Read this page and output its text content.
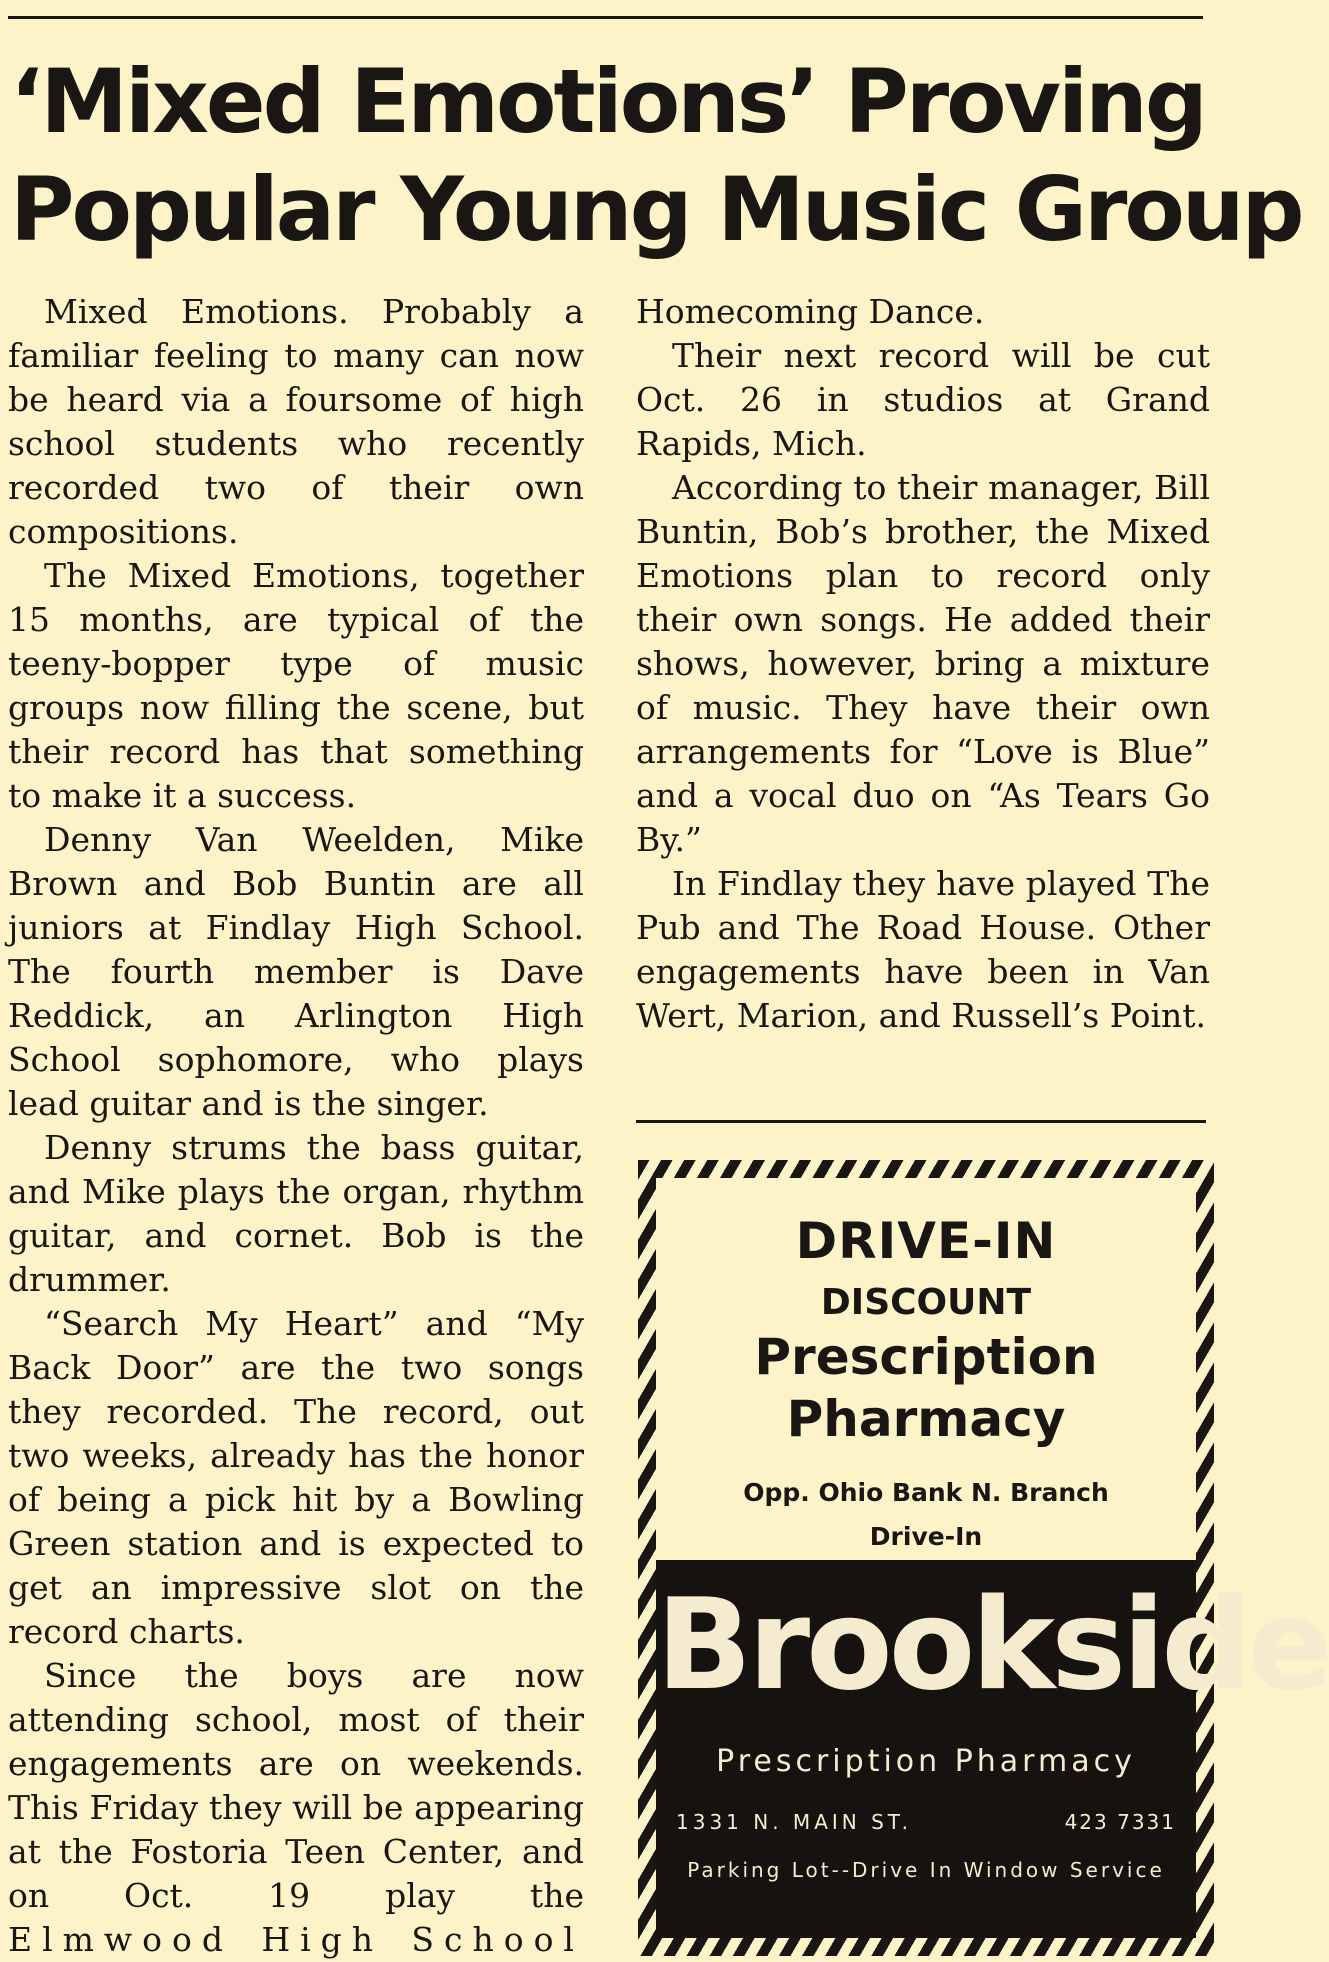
‘Mixed Emotions’ Proving
Popular Young Music Group

Mixed Emotions. Probably a familiar feeling to many can now be heard via a foursome of high school students who recently recorded two of their own compositions.

The Mixed Emotions, together 15 months, are typical of the teeny-bopper type of music groups now filling the scene, but their record has that something to make it a success.

Denny Van Weelden, Mike Brown and Bob Buntin are all juniors at Findlay High School. The fourth member is Dave Reddick, an Arlington High School sophomore, who plays lead guitar and is the singer.

Denny strums the bass guitar, and Mike plays the organ, rhythm guitar, and cornet. Bob is the drummer.

“Search My Heart” and “My Back Door” are the two songs they recorded. The record, out two weeks, already has the honor of being a pick hit by a Bowling Green station and is expected to get an impressive slot on the record charts.

Since the boys are now attending school, most of their engagements are on weekends. This Friday they will be appearing at the Fostoria Teen Center, and on Oct. 19 play the

Elmwood High School

Homecoming Dance.

Their next record will be cut Oct. 26 in studios at Grand Rapids, Mich.

According to their manager, Bill Buntin, Bob’s brother, the Mixed Emotions plan to record only their own songs. He added their shows, however, bring a mixture of music. They have their own arrangements for “Love is Blue” and a vocal duo on “As Tears Go By.”

In Findlay they have played The Pub and The Road House. Other engagements have been in Van Wert, Marion, and Russell’s Point.

DRIVE-IN
DISCOUNT
Prescription
Pharmacy
Opp. Ohio Bank N. Branch
Drive-In
Brookside
Prescription Pharmacy
1331 N. MAIN ST.	423 7331
Parking Lot--Drive In Window Service
